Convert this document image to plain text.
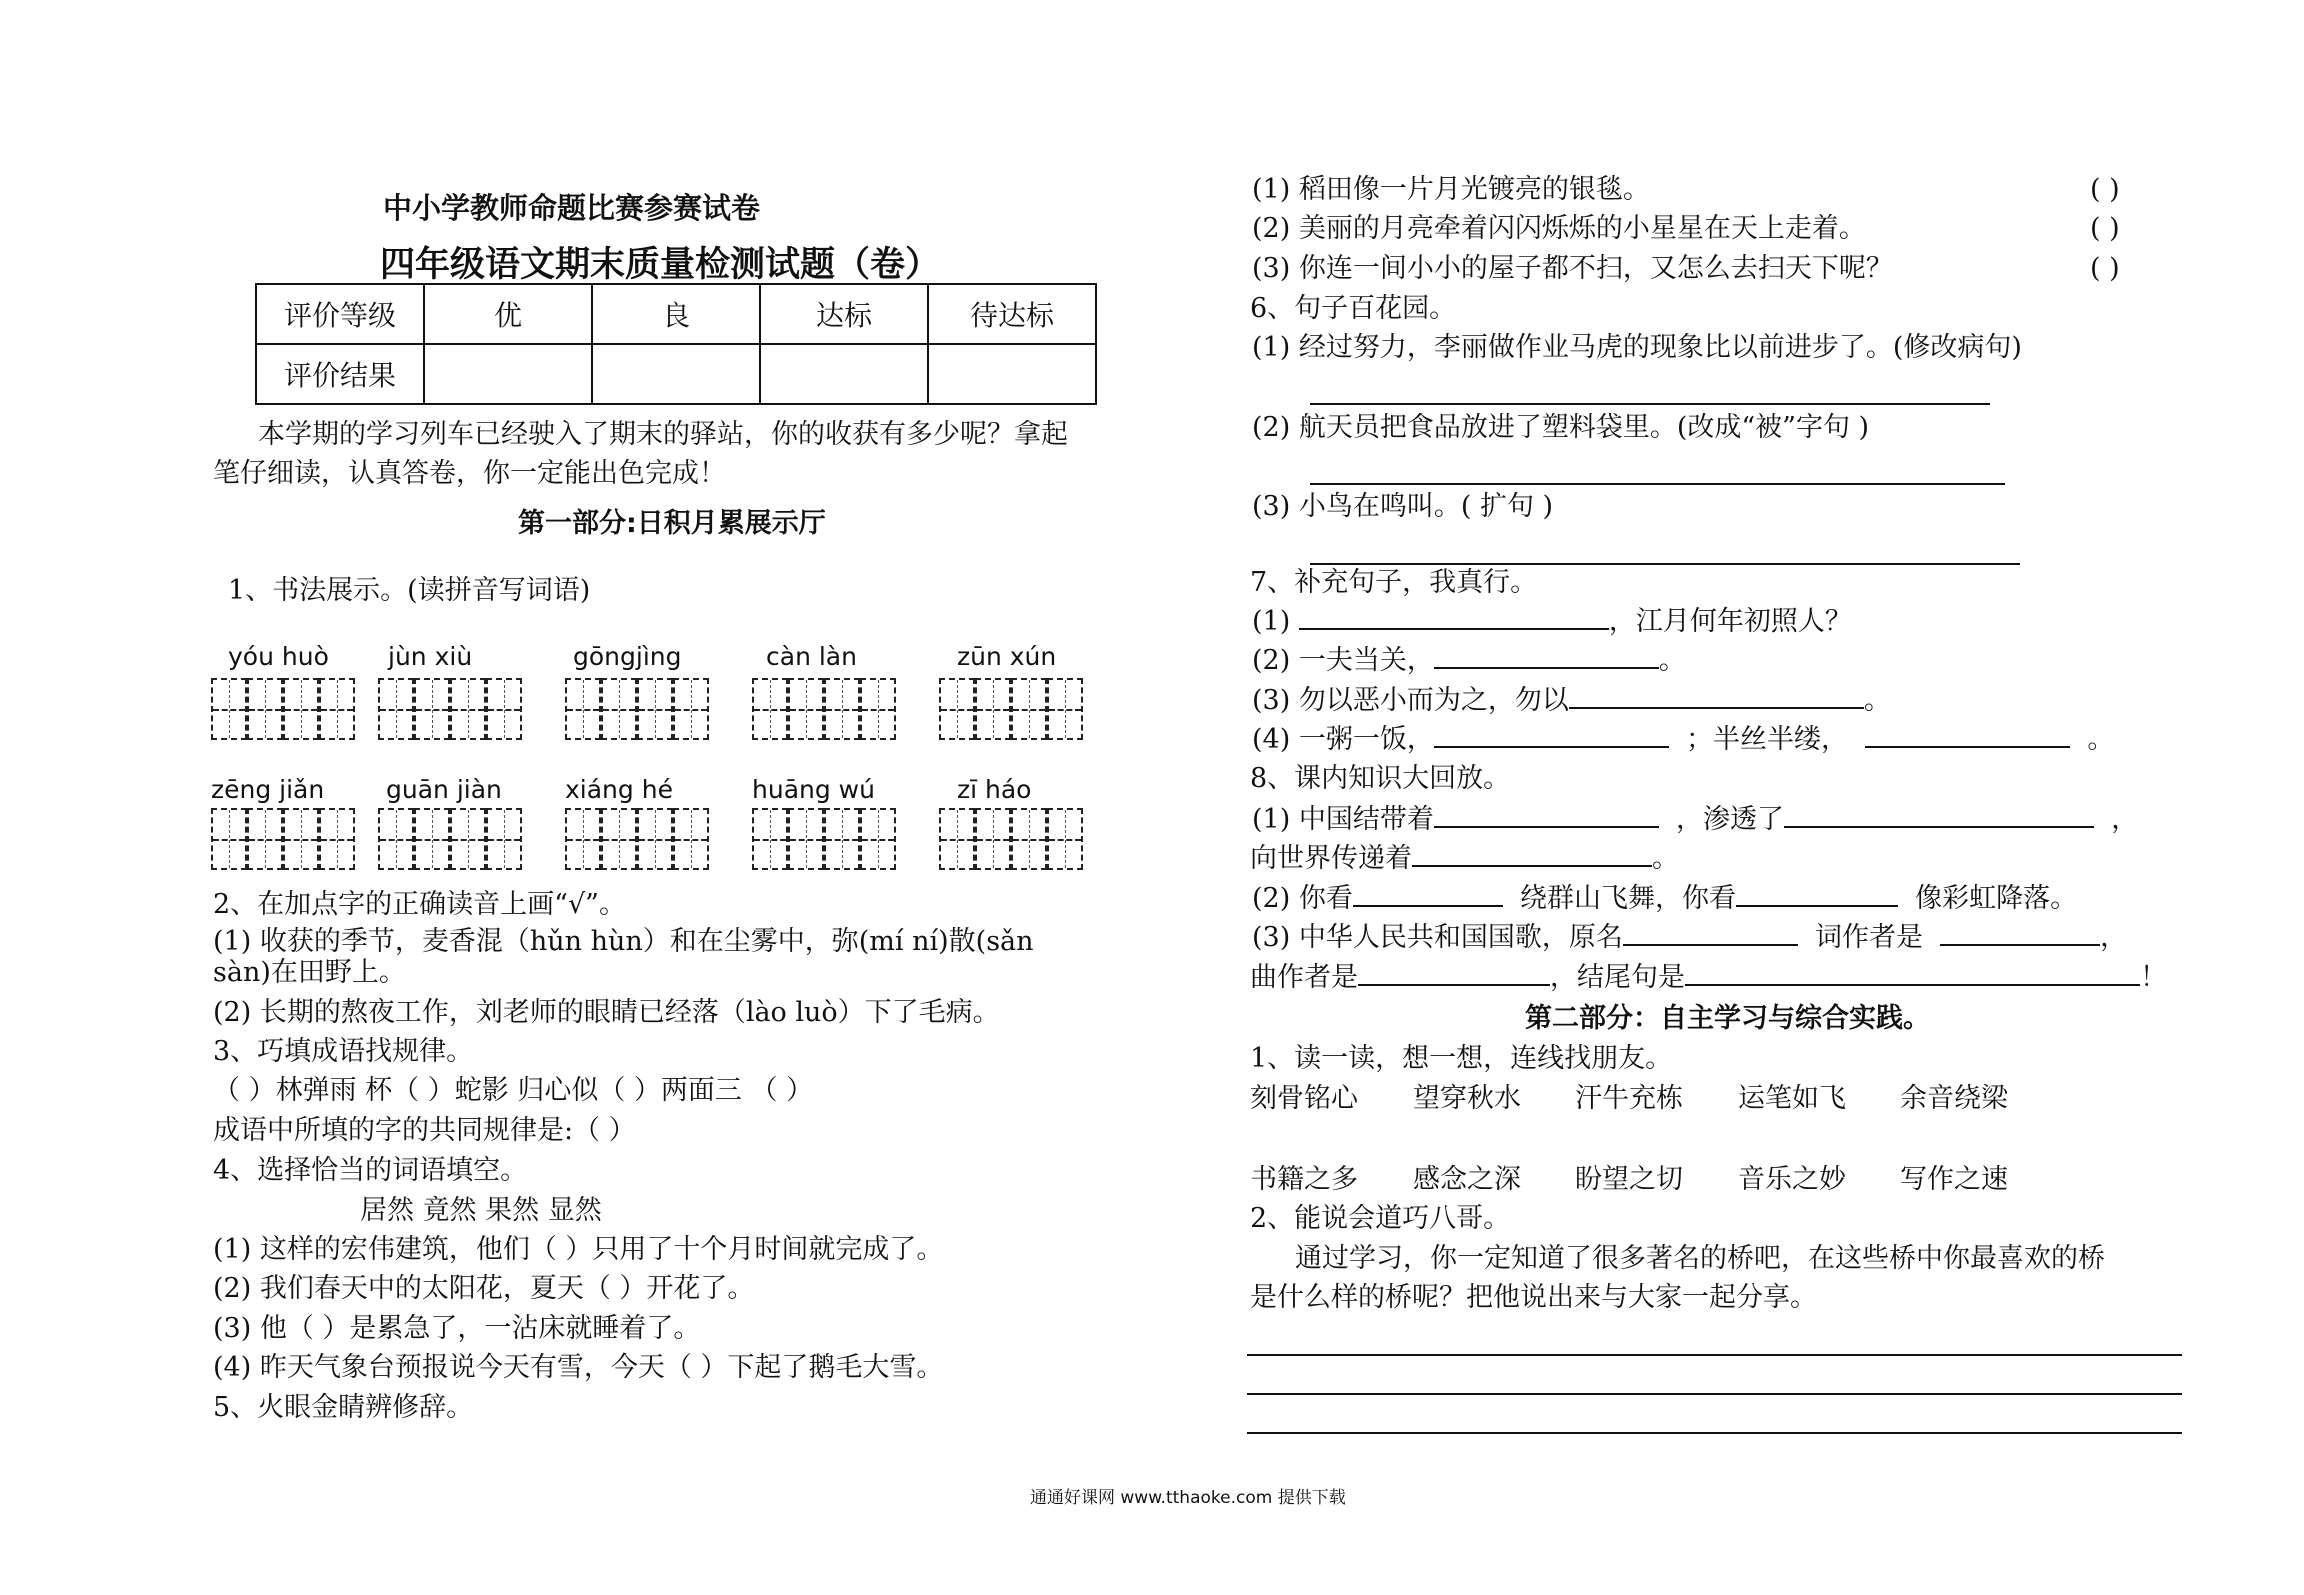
中小学教师命题比赛参赛试卷
四年级语文期末质量检测试题（卷）
评价等级	优	良	达标	待达标
评价结果				
本学期的学习列车已经驶入了期末的驿站，你的收获有多少呢？拿起
笔仔细读，认真答卷，你一定能出色完成！
第一部分:日积月累展示厅
1、书法展示。(读拼音写词语)
yóu huò jùn xiù	gōngjìng	càn làn	zūn xún
zēng jiǎn guān jiàn	xiáng hé	huāng wú	zī háo
2、在加点字的正确读音上画“√”。
(1) 收获的季节，麦香混（hǔn hùn）和在尘雾中，弥(mí ní)散(sǎn
sàn)在田野上。
(2) 长期的熬夜工作，刘老师的眼睛已经落（lào luò）下了毛病。
3、巧填成语找规律。
（ ）林弹雨 杯（ ）蛇影 归心似（ ）两面三 （ ）
成语中所填的字的共同规律是:（ ）
4、选择恰当的词语填空。
居然 竟然 果然 显然
(1) 这样的宏伟建筑，他们（ ）只用了十个月时间就完成了。
(2) 我们春天中的太阳花，夏天（ ）开花了。
(3) 他（ ）是累急了，一沾床就睡着了。
(4) 昨天气象台预报说今天有雪，今天（ ）下起了鹅毛大雪。
5、火眼金睛辨修辞。
(1) 稻田像一片月光镀亮的银毯。	( )
(2) 美丽的月亮牵着闪闪烁烁的小星星在天上走着。	( )
(3) 你连一间小小的屋子都不扫，又怎么去扫天下呢？	( )
6、句子百花园。
(1) 经过努力，李丽做作业马虎的现象比以前进步了。(修改病句)
(2) 航天员把食品放进了塑料袋里。(改成“被”字句 )
(3) 小鸟在鸣叫。( 扩句 )
7、补充句子，我真行。
(1)	，江月何年初照人？
(2) 一夫当关，	。
(3) 勿以恶小而为之，勿以	。
(4) 一粥一饭，	；半丝半缕，	。
8、课内知识大回放。
(1) 中国结带着	，渗透了	，
向世界传递着	。
(2) 你看	绕群山飞舞，你看	像彩虹降落。
(3) 中华人民共和国国歌，原名	词作者是	，
曲作者是	，结尾句是	！
第二部分：自主学习与综合实践。
1、读一读，想一想，连线找朋友。
刻骨铭心 望穿秋水 汗牛充栋 运笔如飞 余音绕梁
书籍之多 感念之深 盼望之切 音乐之妙 写作之速
2、能说会道巧八哥。
通过学习，你一定知道了很多著名的桥吧，在这些桥中你最喜欢的桥
是什么样的桥呢？把他说出来与大家一起分享。
通通好课网 www.tthaoke.com 提供下载
